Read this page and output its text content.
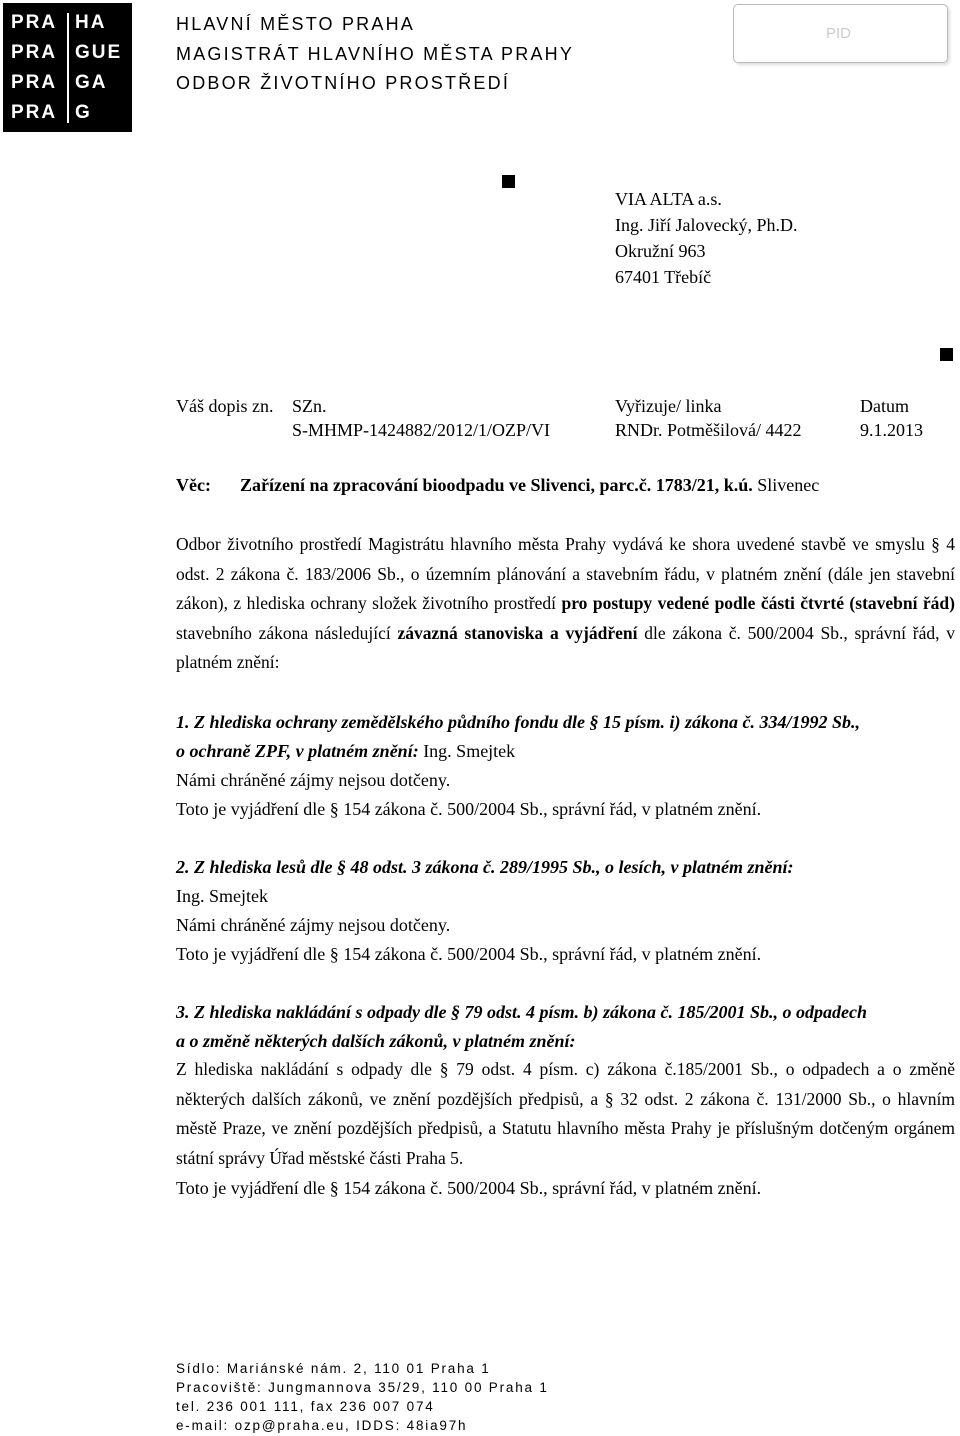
PRA
PRA
PRA
PRA
HA
GUE
GA
G
HLAVNÍ MĚSTO PRAHA
MAGISTRÁT HLAVNÍHO MĚSTA PRAHY
ODBOR ŽIVOTNÍHO PROSTŘEDÍ
PID
VIA ALTA a.s.
Ing. Jiří Jalovecký, Ph.D.
Okružní 963
67401 Třebíč
Váš dopis zn. SZn.
S-MHMP-1424882/2012/1/OZP/VI
Vyřizuje/ linka
RNDr. Potměšilová/ 4422
Datum
9.1.2013
Věc: Zařízení na zpracování bioodpadu ve Slivenci, parc.č. 1783/21, k.ú. Slivenec
Odbor životního prostředí Magistrátu hlavního města Prahy vydává ke shora uvedené stavbě ve smyslu § 4 odst. 2 zákona č. 183/2006 Sb., o územním plánování a stavebním řádu, v platném znění (dále jen stavební zákon), z hlediska ochrany složek životního prostředí pro postupy vedené podle části čtvrté (stavební řád) stavebního zákona následující závazná stanoviska a vyjádření dle zákona č. 500/2004 Sb., správní řád, v platném znění:
1. Z hlediska ochrany zemědělského půdního fondu dle § 15 písm. i) zákona č. 334/1992 Sb.,
o ochraně ZPF, v platném znění: Ing. Smejtek
Námi chráněné zájmy nejsou dotčeny.
Toto je vyjádření dle § 154 zákona č. 500/2004 Sb., správní řád, v platném znění.
2. Z hlediska lesů dle § 48 odst. 3 zákona č. 289/1995 Sb., o lesích, v platném znění:
Ing. Smejtek
Námi chráněné zájmy nejsou dotčeny.
Toto je vyjádření dle § 154 zákona č. 500/2004 Sb., správní řád, v platném znění.
3. Z hlediska nakládání s odpady dle § 79 odst. 4 písm. b) zákona č. 185/2001 Sb., o odpadech
a o změně některých dalších zákonů, v platném znění:
Z hlediska nakládání s odpady dle § 79 odst. 4 písm. c) zákona č.185/2001 Sb., o odpadech a o změně některých dalších zákonů, ve znění pozdějších předpisů, a § 32 odst. 2 zákona č. 131/2000 Sb., o hlavním městě Praze, ve znění pozdějších předpisů, a Statutu hlavního města Prahy je příslušným dotčeným orgánem státní správy Úřad městské části Praha 5.
Toto je vyjádření dle § 154 zákona č. 500/2004 Sb., správní řád, v platném znění.
Sídlo: Mariánské nám. 2, 110 01 Praha 1
Pracoviště: Jungmannova 35/29, 110 00 Praha 1
tel. 236 001 111, fax 236 007 074
e-mail: ozp@praha.eu, IDDS: 48ia97h
